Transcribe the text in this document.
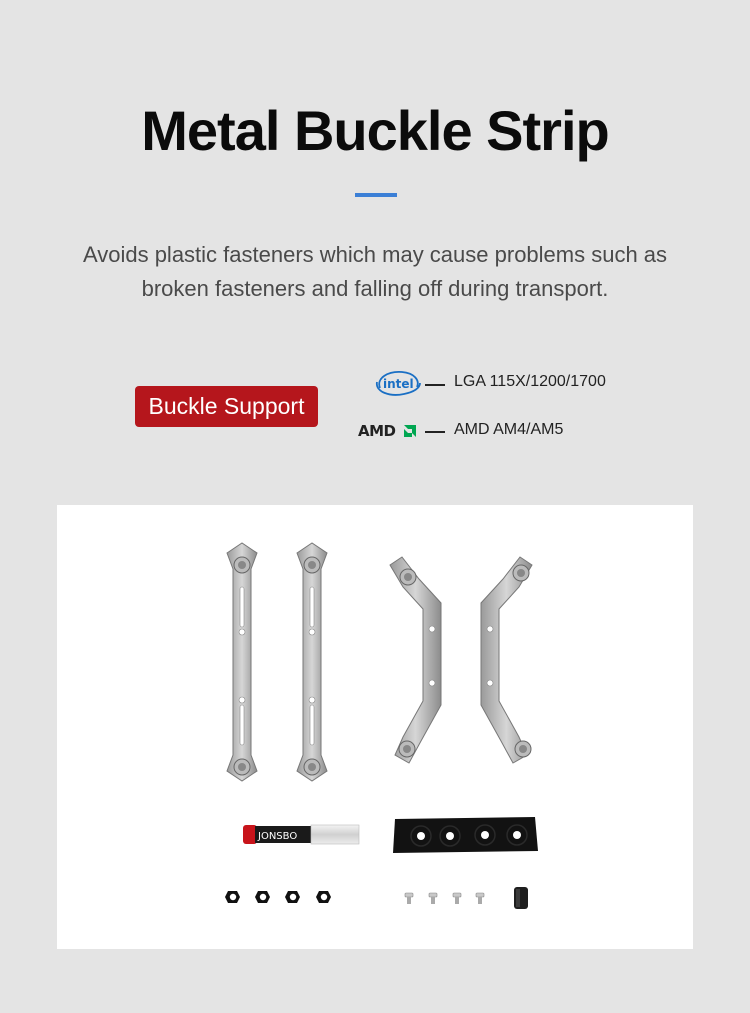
Metal Buckle Strip
Avoids plastic fasteners which may cause problems such as
broken fasteners and falling off during transport.
Buckle Support
intel	LGA 115X/1200/1700
AMD	AMD AM4/AM5
JONSBO
